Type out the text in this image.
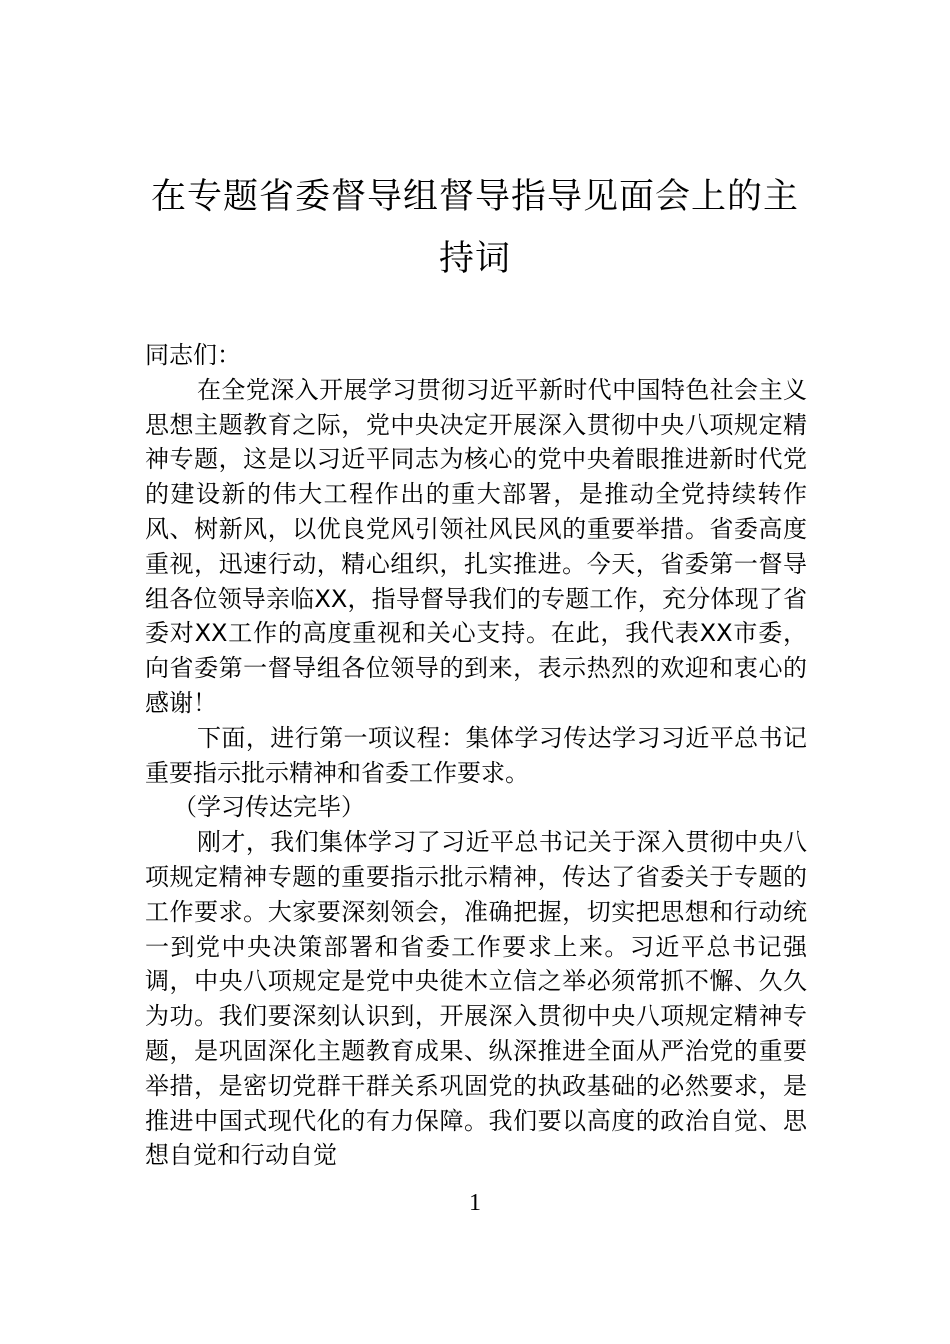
在专题省委督导组督导指导见面会上的主持词

同志们：

在全党深入开展学习贯彻习近平新时代中国特色社会主义思想主题教育之际，党中央决定开展深入贯彻中央八项规定精神专题，这是以习近平同志为核心的党中央着眼推进新时代党的建设新的伟大工程作出的重大部署，是推动全党持续转作风、树新风，以优良党风引领社风民风的重要举措。省委高度重视，迅速行动，精心组织，扎实推进。今天，省委第一督导组各位领导亲临XX，指导督导我们的专题工作，充分体现了省委对XX工作的高度重视和关心支持。在此，我代表XX市委，向省委第一督导组各位领导的到来，表示热烈的欢迎和衷心的感谢！

下面，进行第一项议程：集体学习传达学习习近平总书记重要指示批示精神和省委工作要求。

（学习传达完毕）

刚才，我们集体学习了习近平总书记关于深入贯彻中央八项规定精神专题的重要指示批示精神，传达了省委关于专题的工作要求。大家要深刻领会，准确把握，切实把思想和行动统一到党中央决策部署和省委工作要求上来。习近平总书记强调，中央八项规定是党中央徙木立信之举必须常抓不懈、久久为功。我们要深刻认识到，开展深入贯彻中央八项规定精神专题，是巩固深化主题教育成果、纵深推进全面从严治党的重要举措，是密切党群干群关系巩固党的执政基础的必然要求，是推进中国式现代化的有力保障。我们要以高度的政治自觉、思想自觉和行动自觉

1
